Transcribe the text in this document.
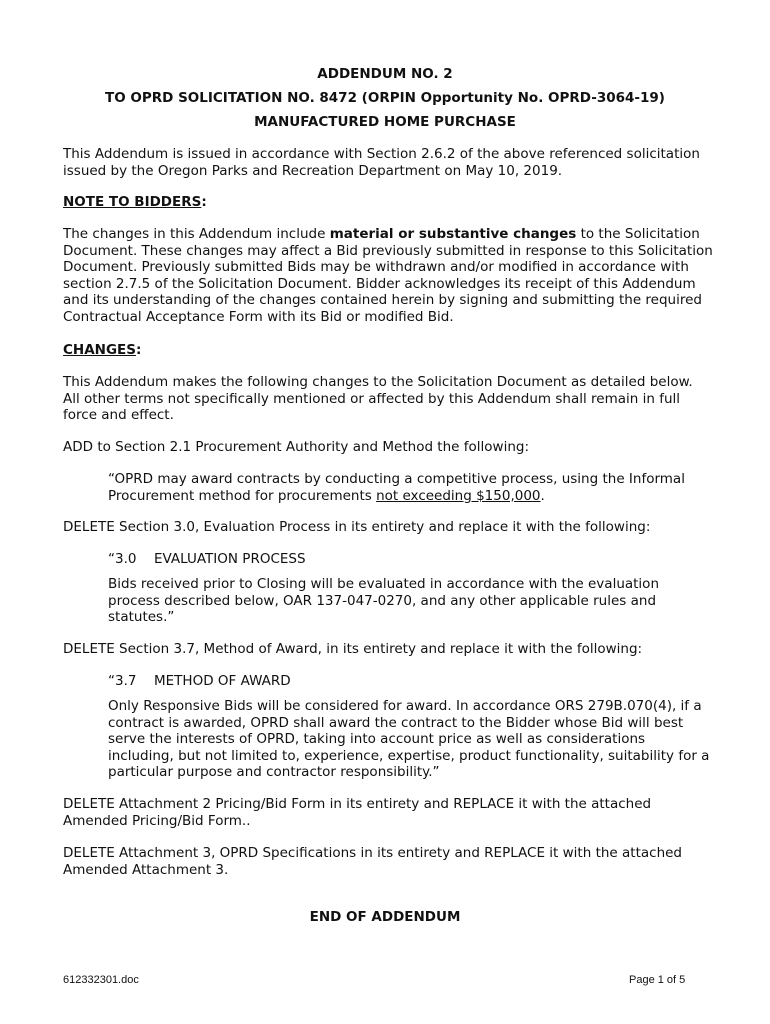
ADDENDUM NO. 2
TO OPRD SOLICITATION NO. 8472 (ORPIN Opportunity No. OPRD-3064-19)
MANUFACTURED HOME PURCHASE

This Addendum is issued in accordance with Section 2.6.2 of the above referenced solicitation issued by the Oregon Parks and Recreation Department on May 10, 2019.

NOTE TO BIDDERS:

The changes in this Addendum include material or substantive changes to the Solicitation Document. These changes may affect a Bid previously submitted in response to this Solicitation Document. Previously submitted Bids may be withdrawn and/or modified in accordance with section 2.7.5 of the Solicitation Document. Bidder acknowledges its receipt of this Addendum and its understanding of the changes contained herein by signing and submitting the required Contractual Acceptance Form with its Bid or modified Bid.

CHANGES:

This Addendum makes the following changes to the Solicitation Document as detailed below. All other terms not specifically mentioned or affected by this Addendum shall remain in full force and effect.

ADD to Section 2.1 Procurement Authority and Method the following:

“OPRD may award contracts by conducting a competitive process, using the Informal Procurement method for procurements not exceeding $150,000.

DELETE Section 3.0, Evaluation Process in its entirety and replace it with the following:

“3.0 EVALUATION PROCESS

Bids received prior to Closing will be evaluated in accordance with the evaluation process described below, OAR 137-047-0270, and any other applicable rules and statutes.”

DELETE Section 3.7, Method of Award, in its entirety and replace it with the following:

“3.7 METHOD OF AWARD

Only Responsive Bids will be considered for award. In accordance ORS 279B.070(4), if a contract is awarded, OPRD shall award the contract to the Bidder whose Bid will best serve the interests of OPRD, taking into account price as well as considerations including, but not limited to, experience, expertise, product functionality, suitability for a particular purpose and contractor responsibility.”

DELETE Attachment 2 Pricing/Bid Form in its entirety and REPLACE it with the attached Amended Pricing/Bid Form..

DELETE Attachment 3, OPRD Specifications in its entirety and REPLACE it with the attached Amended Attachment 3.

END OF ADDENDUM
612332301.doc	Page 1 of 5
